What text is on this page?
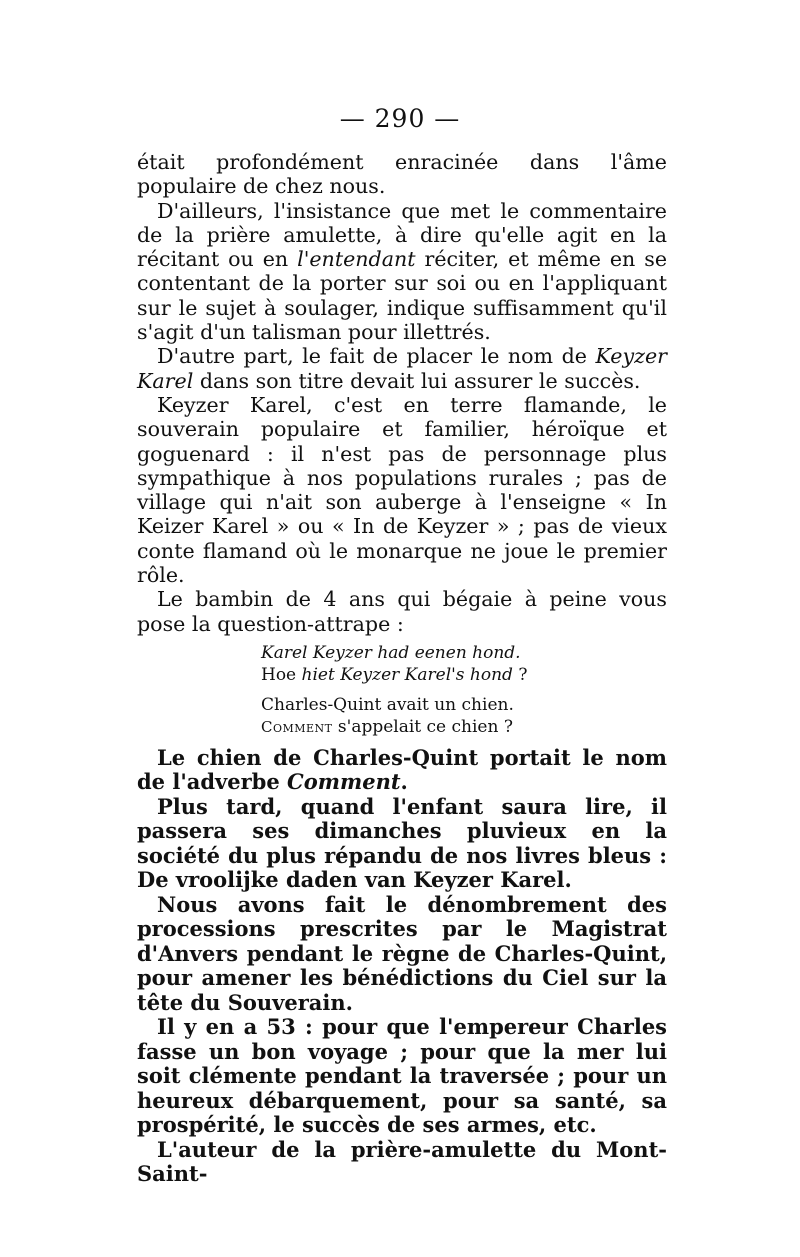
— 290 —

était profondément enracinée dans l'âme populaire de chez nous.

D'ailleurs, l'insistance que met le commentaire de la prière amulette, à dire qu'elle agit en la récitant ou en l'entendant réciter, et même en se contentant de la porter sur soi ou en l'appliquant sur le sujet à soulager, indique suffisamment qu'il s'agit d'un talisman pour illettrés.

D'autre part, le fait de placer le nom de Keyzer Karel dans son titre devait lui assurer le succès.

Keyzer Karel, c'est en terre flamande, le souverain populaire et familier, héroïque et goguenard : il n'est pas de personnage plus sympathique à nos populations rurales ; pas de village qui n'ait son auberge à l'enseigne « In Keizer Karel » ou « In de Keyzer » ; pas de vieux conte flamand où le monarque ne joue le premier rôle.

Le bambin de 4 ans qui bégaie à peine vous pose la question-attrape :

Karel Keyzer had eenen hond.
Hoe hiet Keyzer Karel's hond ?
Charles-Quint avait un chien.
Comment s'appelait ce chien ?

Le chien de Charles-Quint portait le nom de l'adverbe Comment.

Plus tard, quand l'enfant saura lire, il passera ses dimanches pluvieux en la société du plus répandu de nos livres bleus : De vroolijke daden van Keyzer Karel.

Nous avons fait le dénombrement des processions prescrites par le Magistrat d'Anvers pendant le règne de Charles-Quint, pour amener les bénédictions du Ciel sur la tête du Souverain.

Il y en a 53 : pour que l'empereur Charles fasse un bon voyage ; pour que la mer lui soit clémente pendant la traversée ; pour un heureux débarquement, pour sa santé, sa prospérité, le succès de ses armes, etc.

L'auteur de la prière-amulette du Mont-Saint-
